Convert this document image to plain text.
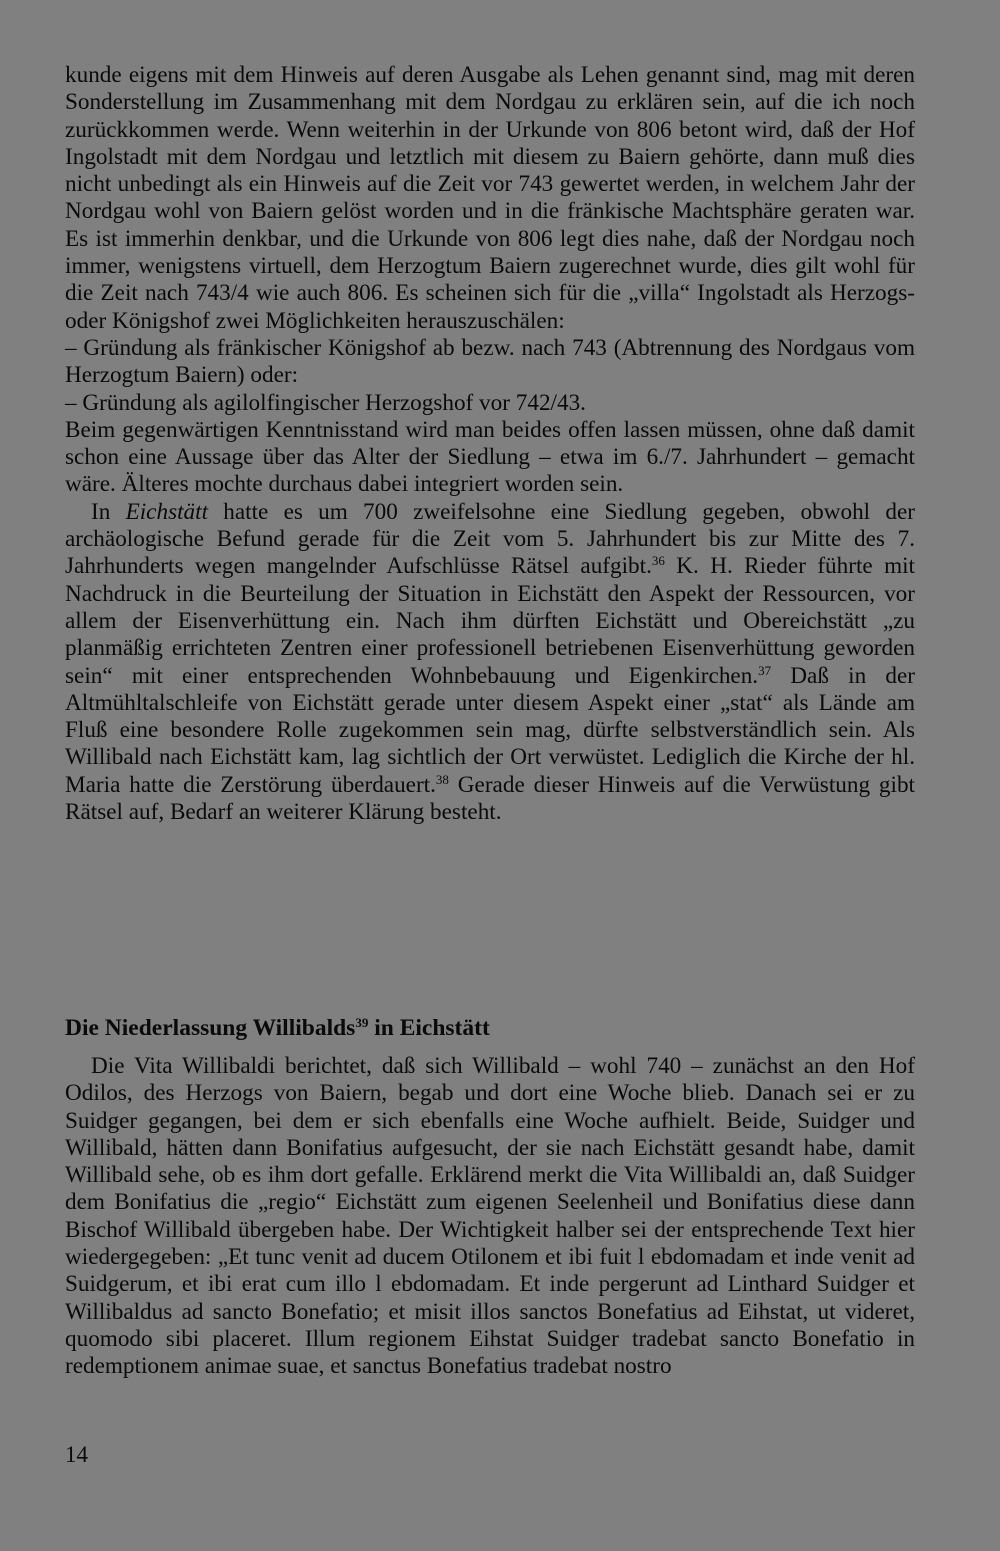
kunde eigens mit dem Hinweis auf deren Ausgabe als Lehen genannt sind, mag mit deren Sonderstellung im Zusammenhang mit dem Nordgau zu erklären sein, auf die ich noch zurückkommen werde. Wenn weiterhin in der Urkunde von 806 betont wird, daß der Hof Ingolstadt mit dem Nordgau und letztlich mit diesem zu Baiern gehörte, dann muß dies nicht unbedingt als ein Hinweis auf die Zeit vor 743 gewertet werden, in welchem Jahr der Nordgau wohl von Baiern gelöst worden und in die fränkische Machtsphäre geraten war. Es ist immerhin denkbar, und die Urkunde von 806 legt dies nahe, daß der Nordgau noch immer, wenigstens virtuell, dem Herzogtum Baiern zugerechnet wurde, dies gilt wohl für die Zeit nach 743/4 wie auch 806. Es scheinen sich für die „villa“ Ingolstadt als Herzogs- oder Königshof zwei Möglichkeiten herauszuschälen:

– Gründung als fränkischer Königshof ab bezw. nach 743 (Abtrennung des Nordgaus vom Herzogtum Baiern) oder:

– Gründung als agilolfingischer Herzogshof vor 742/43.

Beim gegenwärtigen Kenntnisstand wird man beides offen lassen müssen, ohne daß damit schon eine Aussage über das Alter der Siedlung – etwa im 6./7. Jahrhundert – gemacht wäre. Älteres mochte durchaus dabei integriert worden sein.

In Eichstätt hatte es um 700 zweifelsohne eine Siedlung gegeben, obwohl der archäologische Befund gerade für die Zeit vom 5. Jahrhundert bis zur Mitte des 7. Jahrhunderts wegen mangelnder Aufschlüsse Rätsel aufgibt.$^{36}$ K. H. Rieder führte mit Nachdruck in die Beurteilung der Situation in Eichstätt den Aspekt der Ressourcen, vor allem der Eisenverhüttung ein. Nach ihm dürften Eichstätt und Obereichstätt „zu planmäßig errichteten Zentren einer professionell betriebenen Eisenverhüttung geworden sein“ mit einer entsprechenden Wohnbebauung und Eigenkirchen.$^{37}$ Daß in der Altmühltalschleife von Eichstätt gerade unter diesem Aspekt einer „stat“ als Lände am Fluß eine besondere Rolle zugekommen sein mag, dürfte selbstverständlich sein. Als Willibald nach Eichstätt kam, lag sichtlich der Ort verwüstet. Lediglich die Kirche der hl. Maria hatte die Zerstörung überdauert.$^{38}$ Gerade dieser Hinweis auf die Verwüstung gibt Rätsel auf, Bedarf an weiterer Klärung besteht.

Die Niederlassung Willibalds$^{39}$ in Eichstätt

Die Vita Willibaldi berichtet, daß sich Willibald – wohl 740 – zunächst an den Hof Odilos, des Herzogs von Baiern, begab und dort eine Woche blieb. Danach sei er zu Suidger gegangen, bei dem er sich ebenfalls eine Woche aufhielt. Beide, Suidger und Willibald, hätten dann Bonifatius aufgesucht, der sie nach Eichstätt gesandt habe, damit Willibald sehe, ob es ihm dort gefalle. Erklärend merkt die Vita Willibaldi an, daß Suidger dem Bonifatius die „regio“ Eichstätt zum eigenen Seelenheil und Bonifatius diese dann Bischof Willibald übergeben habe. Der Wichtigkeit halber sei der entsprechende Text hier wiedergegeben: „Et tunc venit ad ducem Otilonem et ibi fuit l ebdomadam et inde venit ad Suidgerum, et ibi erat cum illo l ebdomadam. Et inde pergerunt ad Linthard Suidger et Willibaldus ad sancto Bonefatio; et misit illos sanctos Bonefatius ad Eihstat, ut videret, quomodo sibi placeret. Illum regionem Eihstat Suidger tradebat sancto Bonefatio in redemptionem animae suae, et sanctus Bonefatius tradebat nostro

14
